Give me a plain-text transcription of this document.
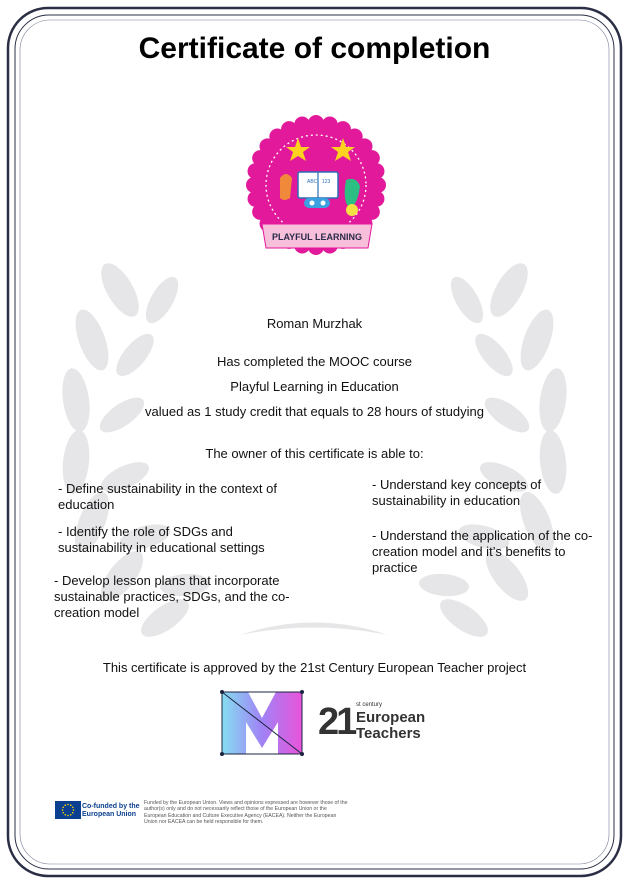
Certificate of completion
ABC 123
PLAYFUL LEARNING
Roman Murzhak
Has completed the MOOC course
Playful Learning in Education
valued as 1 study credit that equals to 28 hours of studying
The owner of this certificate is able to:
- Define sustainability in the context of education
- Identify the role of SDGs and sustainability in educational settings
- Develop lesson plans that incorporate sustainable practices, SDGs, and the co-creation model
- Understand key concepts of sustainability in education
- Understand the application of the co-creation model and it’s benefits to practice
This certificate is approved by the 21st Century European Teacher project
21 st century
European
Teachers
Co-funded by the European Union
Funded by the European Union. Views and opinions expressed are however those of the author(s) only and do not necessarily reflect those of the European Union or the European Education and Culture Executive Agency (EACEA). Neither the European Union nor EACEA can be held responsible for them.
